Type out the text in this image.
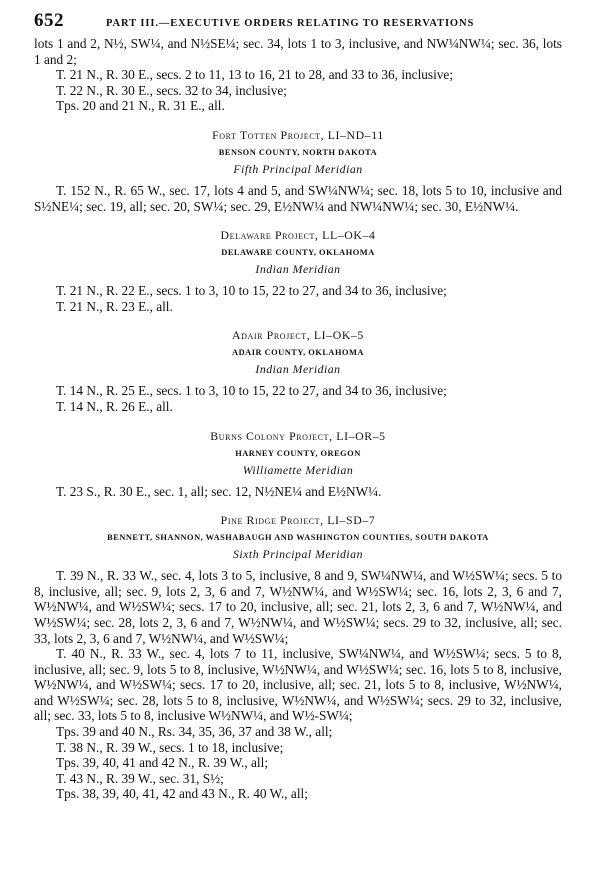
652	PART III.—EXECUTIVE ORDERS RELATING TO RESERVATIONS

lots 1 and 2, N½, SW¼, and N½SE¼; sec. 34, lots 1 to 3, inclusive, and NW¼NW¼; sec. 36, lots 1 and 2;

T. 21 N., R. 30 E., secs. 2 to 11, 13 to 16, 21 to 28, and 33 to 36, inclusive;

T. 22 N., R. 30 E., secs. 32 to 34, inclusive;

Tps. 20 and 21 N., R. 31 E., all.

Fort Totten Project, LI–ND–11
BENSON COUNTY, NORTH DAKOTA
Fifth Principal Meridian

T. 152 N., R. 65 W., sec. 17, lots 4 and 5, and SW¼NW¼; sec. 18, lots 5 to 10, inclusive and S½NE¼; sec. 19, all; sec. 20, SW¼; sec. 29, E½NW¼ and NW¼NW¼; sec. 30, E½NW¼.

Delaware Project, LL–OK–4
DELAWARE COUNTY, OKLAHOMA
Indian Meridian

T. 21 N., R. 22 E., secs. 1 to 3, 10 to 15, 22 to 27, and 34 to 36, inclusive;

T. 21 N., R. 23 E., all.

Adair Project, LI–OK–5
ADAIR COUNTY, OKLAHOMA
Indian Meridian

T. 14 N., R. 25 E., secs. 1 to 3, 10 to 15, 22 to 27, and 34 to 36, inclusive;

T. 14 N., R. 26 E., all.

Burns Colony Project, LI–OR–5
HARNEY COUNTY, OREGON
Williamette Meridian

T. 23 S., R. 30 E., sec. 1, all; sec. 12, N½NE¼ and E½NW¼.

Pine Ridge Project, LI–SD–7
BENNETT, SHANNON, WASHABAUGH AND WASHINGTON COUNTIES, SOUTH DAKOTA
Sixth Principal Meridian

T. 39 N., R. 33 W., sec. 4, lots 3 to 5, inclusive, 8 and 9, SW¼NW¼, and W½SW¼; secs. 5 to 8, inclusive, all; sec. 9, lots 2, 3, 6 and 7, W½NW¼, and W½SW¼; sec. 16, lots 2, 3, 6 and 7, W½NW¼, and W½SW¼; secs. 17 to 20, inclusive, all; sec. 21, lots 2, 3, 6 and 7, W½NW¼, and W½SW¼; sec. 28, lots 2, 3, 6 and 7, W½NW¼, and W½SW¼; secs. 29 to 32, inclusive, all; sec. 33, lots 2, 3, 6 and 7, W½NW¼, and W½SW¼;

T. 40 N., R. 33 W., sec. 4, lots 7 to 11, inclusive, SW¼NW¼, and W½SW¼; secs. 5 to 8, inclusive, all; sec. 9, lots 5 to 8, inclusive, W½NW¼, and W½SW¼; sec. 16, lots 5 to 8, inclusive, W½NW¼, and W½SW¼; secs. 17 to 20, inclusive, all; sec. 21, lots 5 to 8, inclusive, W½NW¼, and W½SW¼; sec. 28, lots 5 to 8, inclusive, W½NW¼, and W½SW¼; secs. 29 to 32, inclusive, all; sec. 33, lots 5 to 8, inclusive W½NW¼, and W½-SW¼;

Tps. 39 and 40 N., Rs. 34, 35, 36, 37 and 38 W., all;

T. 38 N., R. 39 W., secs. 1 to 18, inclusive;

Tps. 39, 40, 41 and 42 N., R. 39 W., all;

T. 43 N., R. 39 W., sec. 31, S½;

Tps. 38, 39, 40, 41, 42 and 43 N., R. 40 W., all;
